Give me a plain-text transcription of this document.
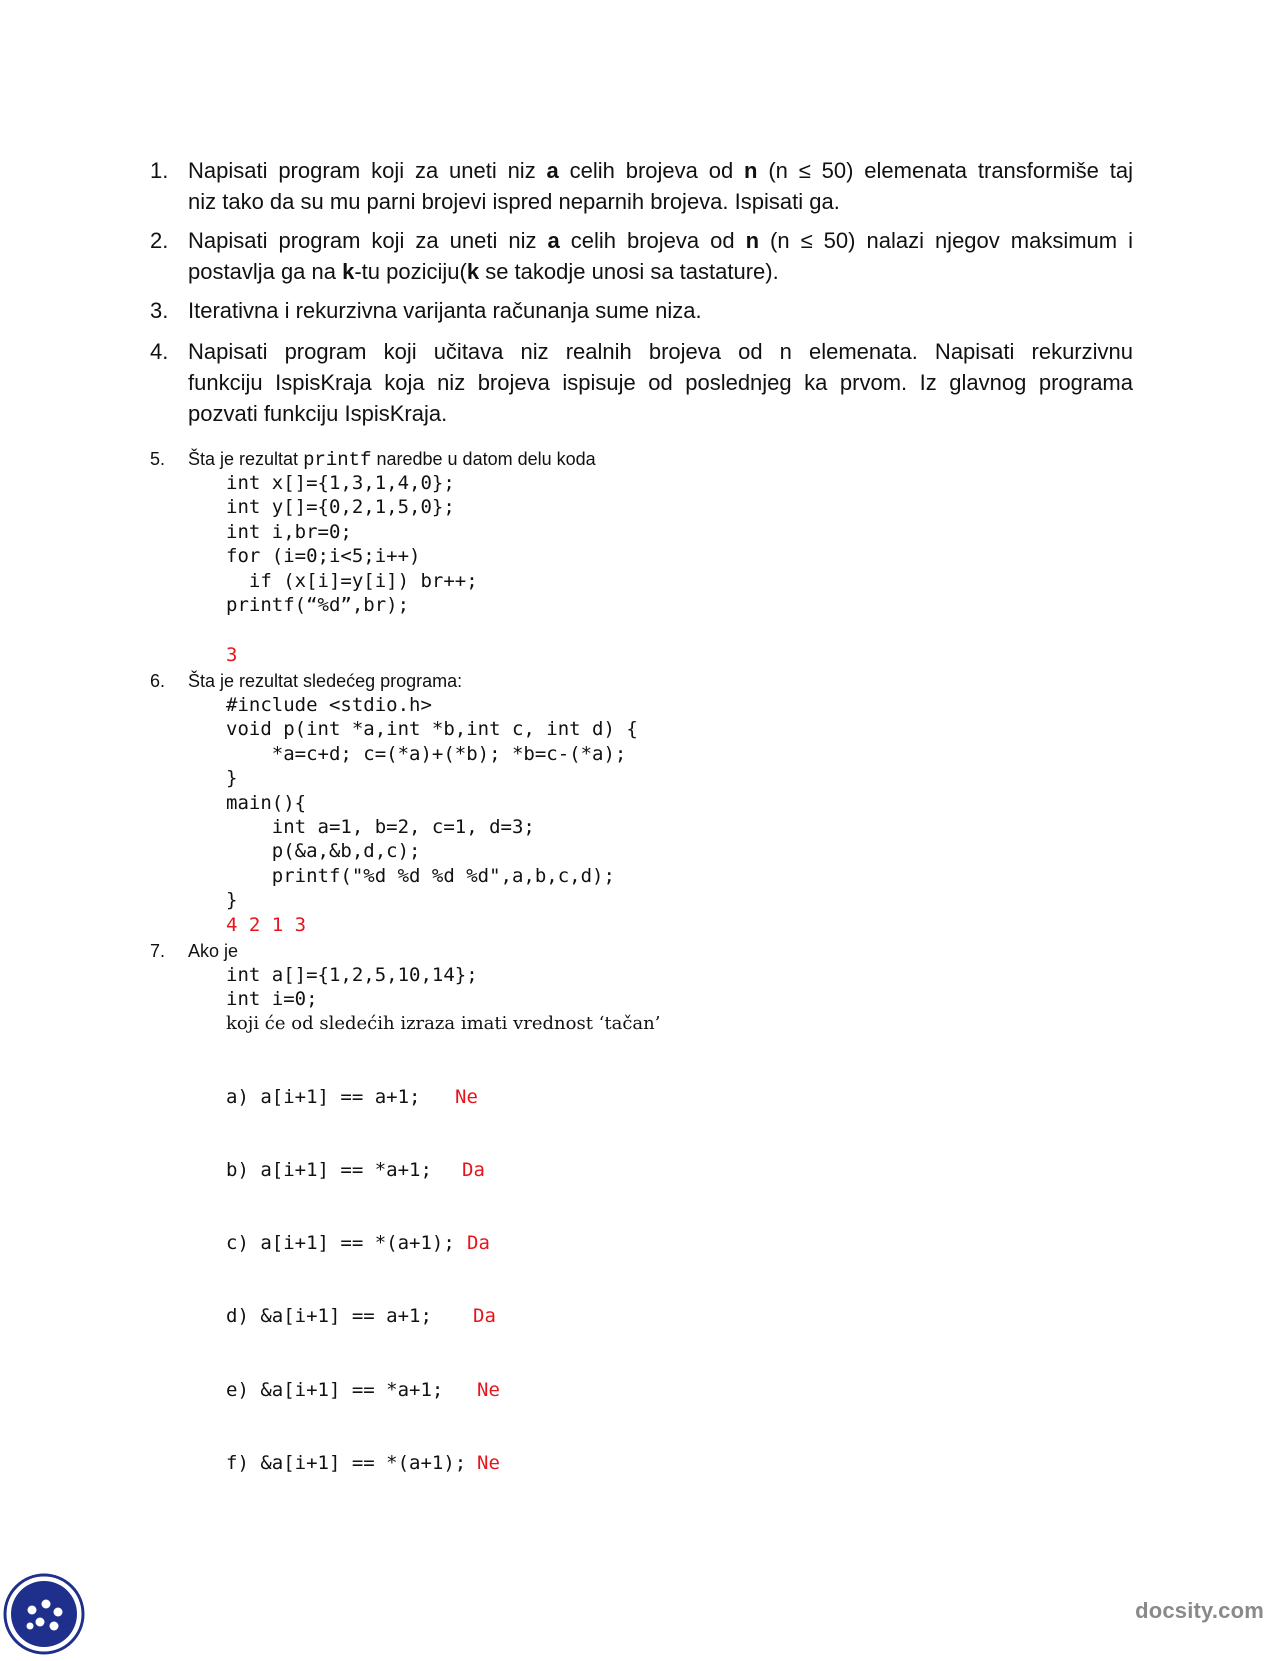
1. Napisati program koji za uneti niz a celih brojeva od n (n ≤ 50) elemenata transformiše taj
niz tako da su mu parni brojevi ispred neparnih brojeva. Ispisati ga.
2. Napisati program koji za uneti niz a celih brojeva od n (n ≤ 50) nalazi njegov maksimum i
postavlja ga na k-tu poziciju(k se takodje unosi sa tastature).
3. Iterativna i rekurzivna varijanta računanja sume niza.
4. Napisati program koji učitava niz realnih brojeva od n elemenata. Napisati rekurzivnu
funkciju IspisKraja koja niz brojeva ispisuje od poslednjeg ka prvom. Iz glavnog programa
pozvati funkciju IspisKraja.
5. Šta je rezultat printf naredbe u datom delu koda
int x[]={1,3,1,4,0};
int y[]={0,2,1,5,0};
int i,br=0;
for (i=0;i<5;i++)
if (x[i]=y[i]) br++;
printf(“%d”,br);
3
6. Šta je rezultat sledećeg programa:
#include <stdio.h>
void p(int *a,int *b,int c, int d) {
*a=c+d; c=(*a)+(*b); *b=c-(*a);
}
main(){
int a=1, b=2, c=1, d=3;
p(&a,&b,d,c);
printf("%d %d %d %d",a,b,c,d);
}
4 2 1 3
7. Ako je
int a[]={1,2,5,10,14};
int i=0;
koji će od sledećih izraza imati vrednost ‘tačan’

a) a[i+1] == a+1; Ne

b) a[i+1] == *a+1; Da

c) a[i+1] == *(a+1); Da

d) &a[i+1] == a+1; Da

e) &a[i+1] == *a+1; Ne

f) &a[i+1] == *(a+1); Ne

docsity.com
